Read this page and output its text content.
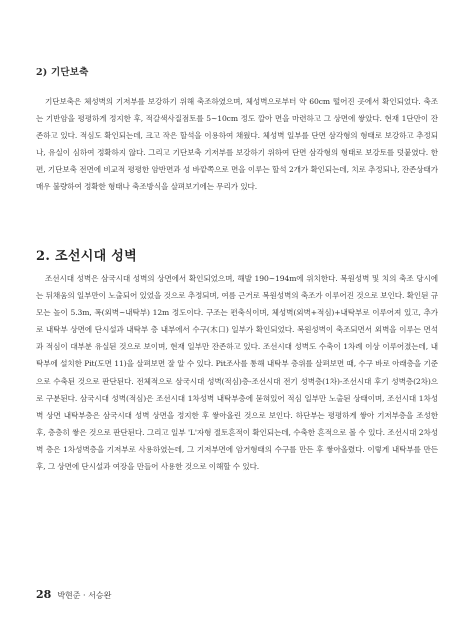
2) 기단보축

기단보축은 체성벽의 기저부를 보강하기 위해 축조하였으며, 체성벽으로부터 약 60cm 떨어진 곳에서 확인되었다. 축조는 기반암을 평평하게 정지한 후, 적갈색사질점토를 5~10cm 정도 깔아 면을 마련하고 그 상면에 쌓았다. 현재 1단만이 잔존하고 있다. 적심도 확인되는데, 크고 작은 할석을 이용하여 채웠다. 체성벽 일부를 단면 삼각형의 형태로 보강하고 추정되나, 유실이 심하여 정확하지 않다. 그리고 기단보축 기저부를 보강하기 위하여 단면 삼각형의 형태로 보강토를 덧붙였다. 한편, 기단보축 전면에 비교적 평평한 암반면과 성 바깥쪽으로 면을 이루는 할석 2개가 확인되는데, 치로 추정되나, 잔존상태가 매우 불량하여 정확한 형태나 축조방식을 살펴보기에는 무리가 있다.

2. 조선시대 성벽

조선시대 성벽은 삼국시대 성벽의 상면에서 확인되었으며, 해발 190~194m에 위치한다. 복원성벽 및 치의 축조 당시에는 뒤채움의 일부만이 노출되어 있었을 것으로 추정되며, 여름 근거로 복원성벽의 축조가 이루어진 것으로 보인다. 확인된 규모는 높이 5.3m, 폭(외벽~내탁부) 12m 정도이다. 구조는 편축식이며, 체성벽(외벽+적심)+내탁부로 이루어져 있고, 추가로 내탁부 상면에 단시설과 내탁부 층 내부에서 수구(木口) 일부가 확인되었다. 복원성벽이 축조되면서 외벽을 이루는 면석과 적심이 대부분 유실된 것으로 보이며, 현재 일부만 잔존하고 있다. 조선시대 성벽도 수축이 1차례 이상 이루어졌는데, 내탁부에 설치한 Pit(도면 11)을 살펴보면 잘 알 수 있다. Pit조사를 통해 내탁부 층위를 살펴보면 때, 수구 바로 아래층을 기준으로 수축된 것으로 판단된다. 전체적으로 삼국시대 성벽(적심)층-조선시대 전기 성벽층(1차)-조선시대 후기 성벽층(2차)으로 구분된다. 삼국시대 성벽(적심)은 조선시대 1차성벽 내탁부층에 묻혀있어 적심 일부만 노출된 상태이며, 조선시대 1차성벽 상면 내탁부층은 삼국시대 성벽 상면을 정지한 후 쌓아올린 것으로 보인다. 하단부는 평평하게 쌓아 기저부층을 조성한 후, 층층히 쌓은 것으로 판단된다. 그리고 일부 'L'자형 절토흔적이 확인되는데, 수축한 흔적으로 볼 수 있다. 조선시대 2차성벽 층은 1차성벽층을 기저부로 사용하였는데, 그 기저부면에 암거형태의 수구를 만든 후 쌓아올렸다. 이렇게 내탁부를 만든 후, 그 상면에 단시설과 여장을 만들어 사용한 것으로 이해할 수 있다.

28 박현준 · 서승완
